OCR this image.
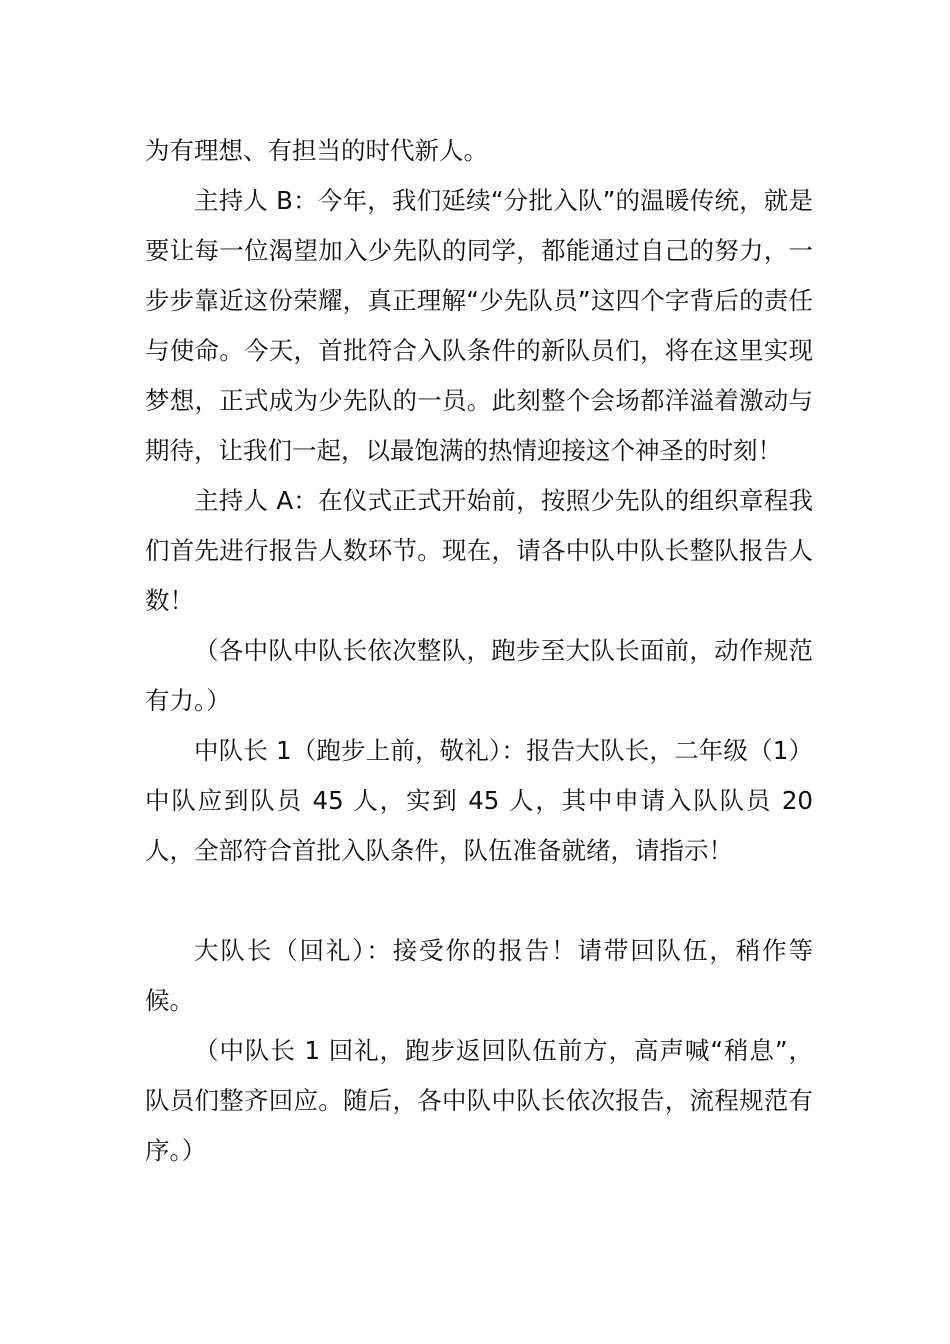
为有理想、有担当的时代新人。

主持人 B：今年，我们延续“分批入队”的温暖传统，就是要让每一位渴望加入少先队的同学，都能通过自己的努力，一步步靠近这份荣耀，真正理解“少先队员”这四个字背后的责任与使命。今天，首批符合入队条件的新队员们，将在这里实现梦想，正式成为少先队的一员。此刻整个会场都洋溢着激动与期待，让我们一起，以最饱满的热情迎接这个神圣的时刻！

主持人 A：在仪式正式开始前，按照少先队的组织章程我们首先进行报告人数环节。现在，请各中队中队长整队报告人数！

（各中队中队长依次整队，跑步至大队长面前，动作规范有力。）

中队长 1（跑步上前，敬礼）：报告大队长，二年级（1）中队应到队员 45 人，实到 45 人，其中申请入队队员 20 人，全部符合首批入队条件，队伍准备就绪，请指示！

大队长（回礼）：接受你的报告！请带回队伍，稍作等候。

（中队长 1 回礼，跑步返回队伍前方，高声喊“稍息”，队员们整齐回应。随后，各中队中队长依次报告，流程规范有序。）
